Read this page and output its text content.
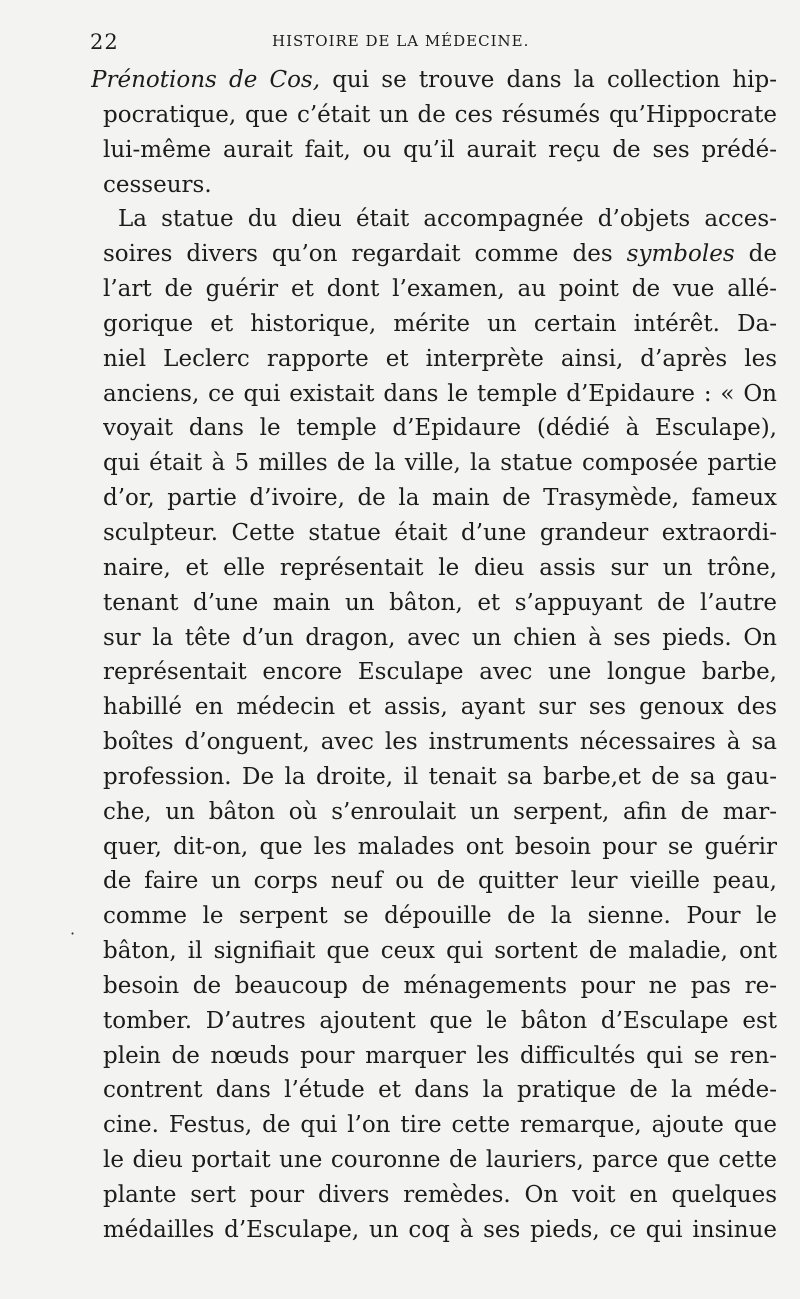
22	HISTOIRE DE LA MÉDECINE.
·
Prénotions de Cos, qui se trouve dans la collection hip-
pocratique, que c’était un de ces résumés qu’Hippocrate
lui-même aurait fait, ou qu’il aurait reçu de ses prédé-
cesseurs.
La statue du dieu était accompagnée d’objets acces-
soires divers qu’on regardait comme des symboles de
l’art de guérir et dont l’examen, au point de vue allé-
gorique et historique, mérite un certain intérêt. Da-
niel Leclerc rapporte et interprète ainsi, d’après les
anciens, ce qui existait dans le temple d’Epidaure : « On
voyait dans le temple d’Epidaure (dédié à Esculape),
qui était à 5 milles de la ville, la statue composée partie
d’or, partie d’ivoire, de la main de Trasymède, fameux
sculpteur. Cette statue était d’une grandeur extraordi-
naire, et elle représentait le dieu assis sur un trône,
tenant d’une main un bâton, et s’appuyant de l’autre
sur la tête d’un dragon, avec un chien à ses pieds. On
représentait encore Esculape avec une longue barbe,
habillé en médecin et assis, ayant sur ses genoux des
boîtes d’onguent, avec les instruments nécessaires à sa
profession. De la droite, il tenait sa barbe,et de sa gau-
che, un bâton où s’enroulait un serpent, afin de mar-
quer, dit-on, que les malades ont besoin pour se guérir
de faire un corps neuf ou de quitter leur vieille peau,
comme le serpent se dépouille de la sienne. Pour le
bâton, il signifiait que ceux qui sortent de maladie, ont
besoin de beaucoup de ménagements pour ne pas re-
tomber. D’autres ajoutent que le bâton d’Esculape est
plein de nœuds pour marquer les difficultés qui se ren-
contrent dans l’étude et dans la pratique de la méde-
cine. Festus, de qui l’on tire cette remarque, ajoute que
le dieu portait une couronne de lauriers, parce que cette
plante sert pour divers remèdes. On voit en quelques
médailles d’Esculape, un coq à ses pieds, ce qui insinue
